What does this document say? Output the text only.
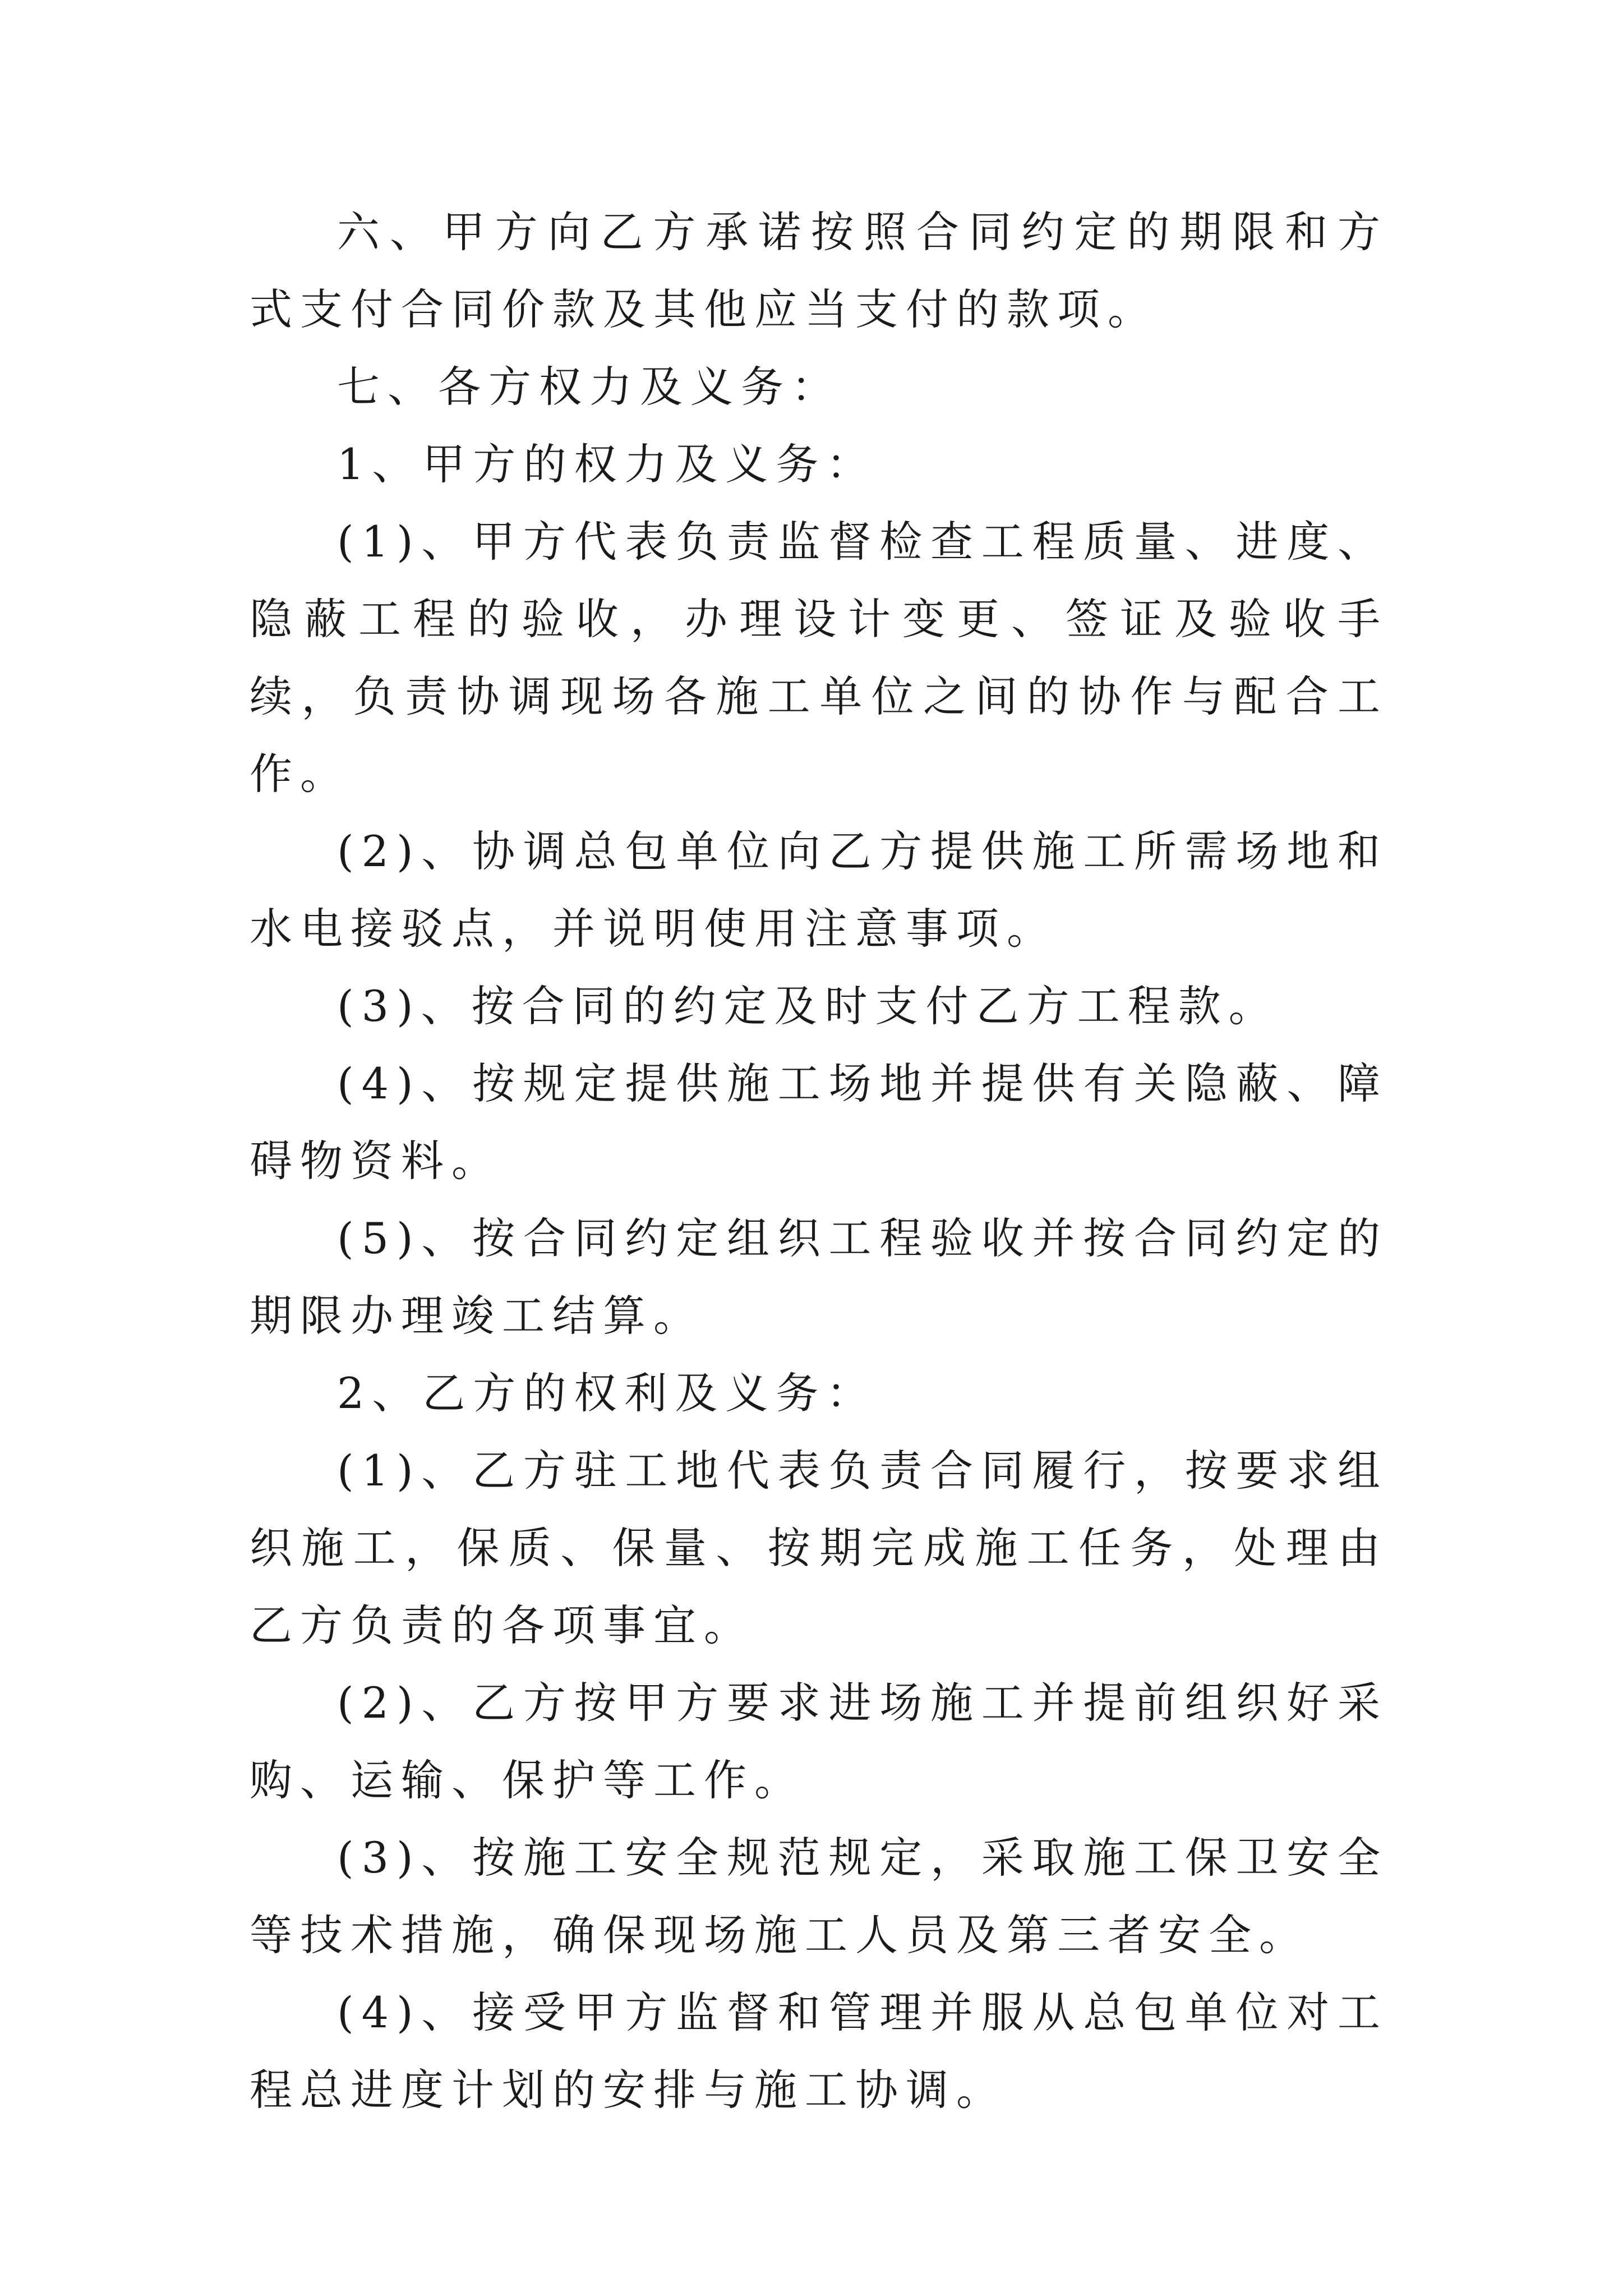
六、甲方向乙方承诺按照合同约定的期限和方式支付合同价款及其他应当支付的款项。

七、各方权力及义务：

1、甲方的权力及义务：

(1)、甲方代表负责监督检查工程质量、进度、隐蔽工程的验收，办理设计变更、签证及验收手续，负责协调现场各施工单位之间的协作与配合工作。

(2)、协调总包单位向乙方提供施工所需场地和水电接驳点，并说明使用注意事项。

(3)、按合同的约定及时支付乙方工程款。

(4)、按规定提供施工场地并提供有关隐蔽、障碍物资料。

(5)、按合同约定组织工程验收并按合同约定的期限办理竣工结算。

2、乙方的权利及义务：

(1)、乙方驻工地代表负责合同履行，按要求组织施工，保质、保量、按期完成施工任务，处理由乙方负责的各项事宜。

(2)、乙方按甲方要求进场施工并提前组织好采购、运输、保护等工作。

(3)、按施工安全规范规定，采取施工保卫安全等技术措施，确保现场施工人员及第三者安全。

(4)、接受甲方监督和管理并服从总包单位对工程总进度计划的安排与施工协调。
